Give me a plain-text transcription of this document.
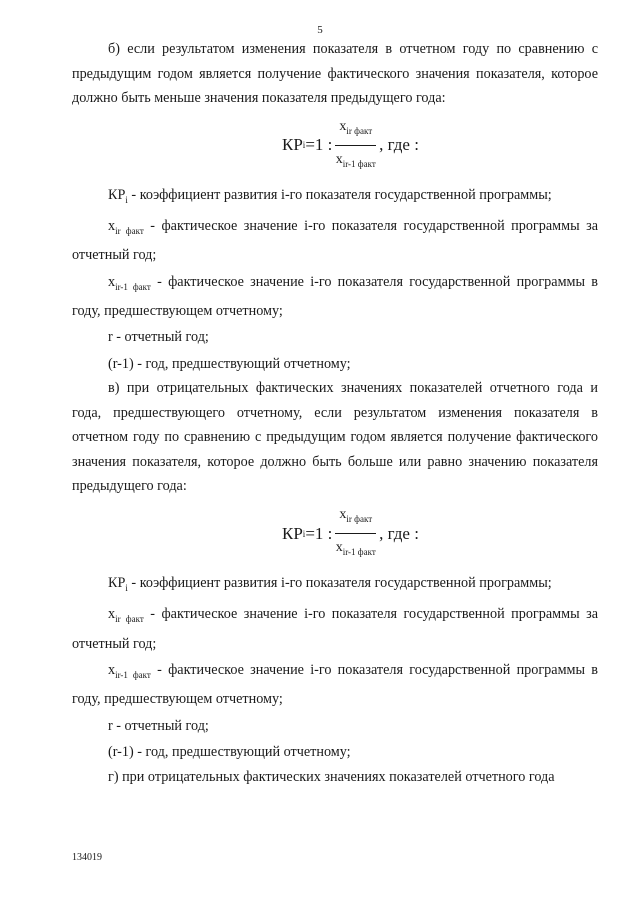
5

б) если результатом изменения показателя в отчетном году по сравнению с предыдущим годом является получение фактического значения показателя, которое должно быть меньше значения показателя предыдущего года:

КР i =1 : $\frac{x_{ir факт}}{x_{ir-1 факт}}$ , где :

$КР_i$ - коэффициент развития i-го показателя государственной программы;

$x_{ir факт}$ - фактическое значение i-го показателя государственной программы за отчетный год;

$x_{ir-1 факт}$ - фактическое значение i-го показателя государственной программы в году, предшествующем отчетному;

r - отчетный год;

(r-1) - год, предшествующий отчетному;

в) при отрицательных фактических значениях показателей отчетного года и года, предшествующего отчетному, если результатом изменения показателя в отчетном году по сравнению с предыдущим годом является получение фактического значения показателя, которое должно быть больше или равно значению показателя предыдущего года:

КР i =1 : $\frac{x_{ir факт}}{x_{ir-1 факт}}$ , где :

$КР_i$ - коэффициент развития i-го показателя государственной программы;

$x_{ir факт}$ - фактическое значение i-го показателя государственной программы за отчетный год;

$x_{ir-1 факт}$ - фактическое значение i-го показателя государственной программы в году, предшествующем отчетному;

r - отчетный год;

(r-1) - год, предшествующий отчетному;

г) при отрицательных фактических значениях показателей отчетного года

134019
